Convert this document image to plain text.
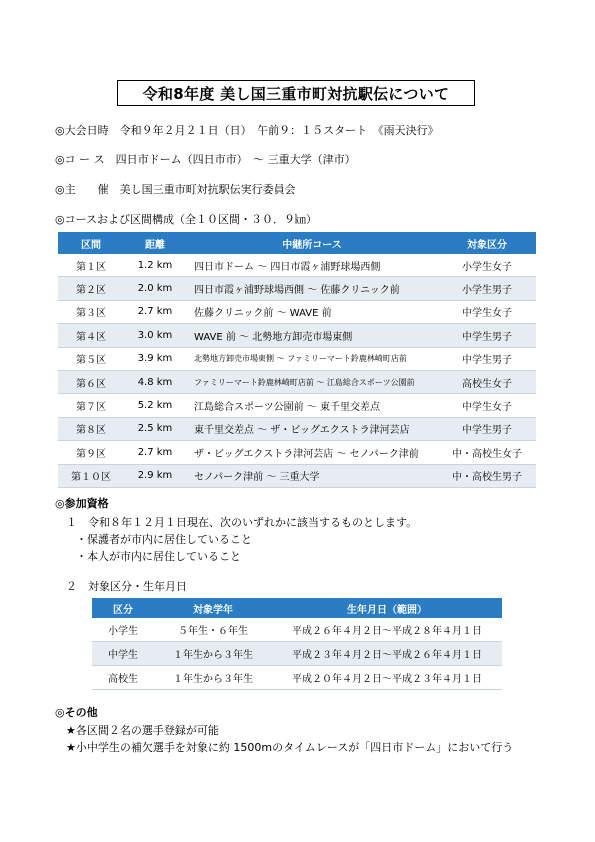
令和8年度 美し国三重市町対抗駅伝について
◎大会日時　令和９年２月２１日（日）　午前９：１５スタート　《雨天決行》
◎コ ー ス　四日市ドーム（四日市市）　～ 三重大学（津市）
◎主　　催　美し国三重市町対抗駅伝実行委員会
◎コースおよび区間構成（全１０区間・３０．９㎞）
区間	距離	中継所コース	対象区分
第１区	1.2 km	四日市ドーム ～ 四日市霞ヶ浦野球場西側	小学生女子
第２区	2.0 km	四日市霞ヶ浦野球場西側 ～ 佐藤クリニック前	小学生男子
第３区	2.7 km	佐藤クリニック前 ～ WAVE 前	中学生女子
第４区	3.0 km	WAVE 前 ～ 北勢地方卸売市場東側	中学生男子
第５区	3.9 km	北勢地方卸売市場東側 ～ ファミリーマート鈴鹿林崎町店前	中学生男子
第６区	4.8 km	ファミリーマート鈴鹿林崎町店前 ～ 江島総合スポーツ公園前	高校生女子
第７区	5.2 km	江島総合スポーツ公園前 ～ 東千里交差点	中学生女子
第８区	2.5 km	東千里交差点 ～ ザ・ビッグエクストラ津河芸店	中学生男子
第９区	2.7 km	ザ・ビッグエクストラ津河芸店 ～ セノパーク津前	中・高校生女子
第１０区	2.9 km	セノパーク津前 ～ 三重大学	中・高校生男子
◎参加資格
１　令和８年１２月１日現在、次のいずれかに該当するものとします。
・保護者が市内に居住していること
・本人が市内に居住していること
２　対象区分・生年月日
区分	対象学年	生年月日（範囲）
小学生	５年生・６年生	平成２６年４月２日～平成２８年４月１日
中学生	１年生から３年生	平成２３年４月２日～平成２６年４月１日
高校生	１年生から３年生	平成２０年４月２日～平成２３年４月１日
◎その他
★各区間２名の選手登録が可能
★小中学生の補欠選手を対象に約 1500mのタイムレースが「四日市ドーム」において行う
